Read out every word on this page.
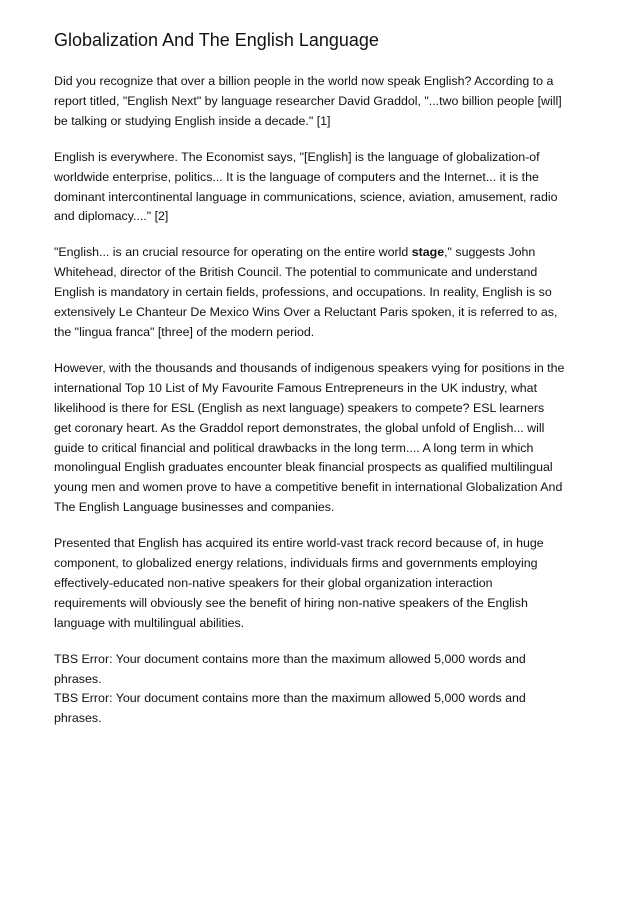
Globalization And The English Language

Did you recognize that over a billion people in the world now speak English? According to a
report titled, "English Next" by language researcher David Graddol, "...two billion people [will]
be talking or studying English inside a decade." [1]

English is everywhere. The Economist says, "[English] is the language of globalization-of
worldwide enterprise, politics... It is the language of computers and the Internet... it is the
dominant intercontinental language in communications, science, aviation, amusement, radio
and diplomacy...." [2]

"English... is an crucial resource for operating on the entire world stage," suggests John
Whitehead, director of the British Council. The potential to communicate and understand
English is mandatory in certain fields, professions, and occupations. In reality, English is so
extensively Le Chanteur De Mexico Wins Over a Reluctant Paris spoken, it is referred to as,
the "lingua franca" [three] of the modern period.

However, with the thousands and thousands of indigenous speakers vying for positions in the
international Top 10 List of My Favourite Famous Entrepreneurs in the UK industry, what
likelihood is there for ESL (English as next language) speakers to compete? ESL learners
get coronary heart. As the Graddol report demonstrates, the global unfold of English... will
guide to critical financial and political drawbacks in the long term.... A long term in which
monolingual English graduates encounter bleak financial prospects as qualified multilingual
young men and women prove to have a competitive benefit in international Globalization And
The English Language businesses and companies.

Presented that English has acquired its entire world-vast track record because of, in huge
component, to globalized energy relations, individuals firms and governments employing
effectively-educated non-native speakers for their global organization interaction
requirements will obviously see the benefit of hiring non-native speakers of the English
language with multilingual abilities.

TBS Error: Your document contains more than the maximum allowed 5,000 words and
phrases.
TBS Error: Your document contains more than the maximum allowed 5,000 words and
phrases.
